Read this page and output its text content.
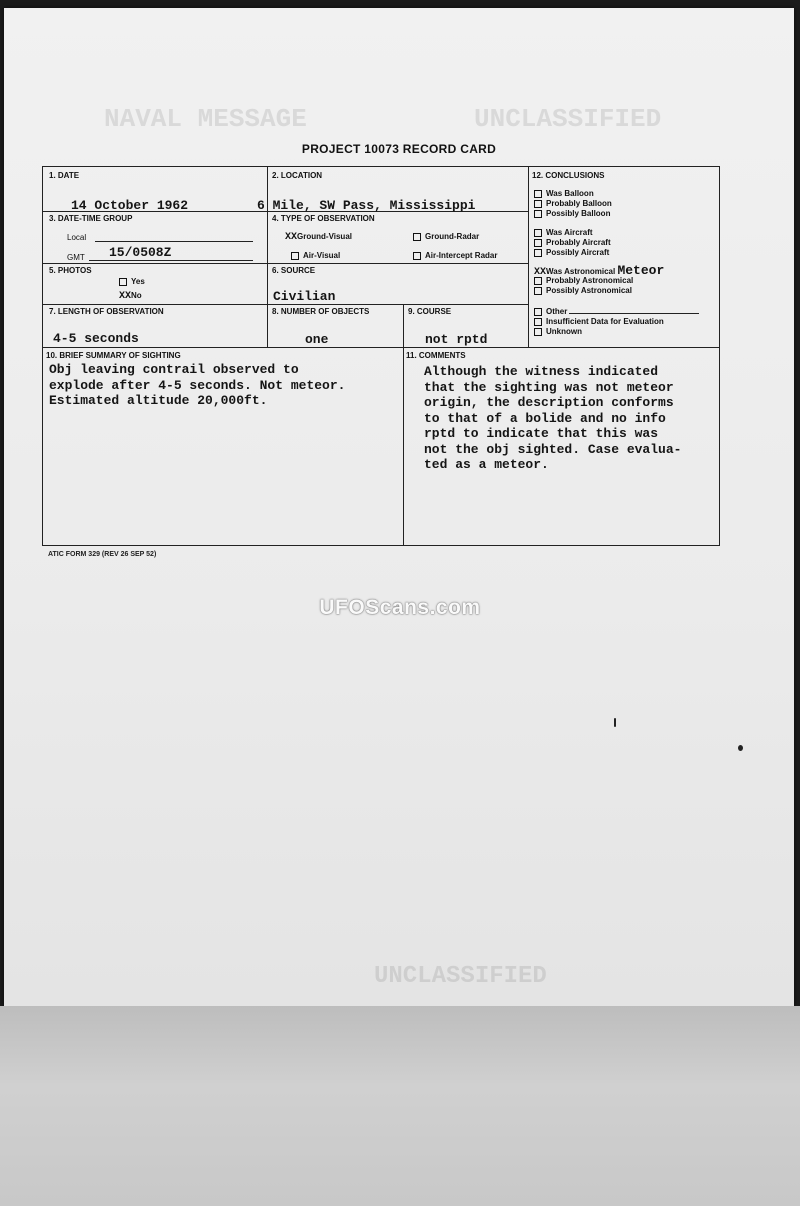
NAVAL MESSAGE	UNCLASSIFIED
UNCLASSIFIED
PROJECT 10073 RECORD CARD
1. DATE
14 October 1962
2. LOCATION
6 Mile, SW Pass, Mississippi
3. DATE-TIME GROUP
Local
GMT 15/0508Z
4. TYPE OF OBSERVATION
XXGround-Visual	Ground-Radar
Air-Visual	Air-Intercept Radar
5. PHOTOS
Yes
XXNo
6. SOURCE
Civilian
7. LENGTH OF OBSERVATION
4-5 seconds
8. NUMBER OF OBJECTS
one
9. COURSE
not rptd
10. BRIEF SUMMARY OF SIGHTING
Obj leaving contrail observed to
explode after 4-5 seconds. Not meteor.
Estimated altitude 20,000ft.
11. COMMENTS
Although the witness indicated
that the sighting was not meteor
origin, the description conforms
to that of a bolide and no info
rptd to indicate that this was
not the obj sighted. Case evalua-
ted as a meteor.
12. CONCLUSIONS
Was Balloon
Probably Balloon
Possibly Balloon
Was Aircraft
Probably Aircraft
Possibly Aircraft
XXWas Astronomical Meteor
Probably Astronomical
Possibly Astronomical
Other
Insufficient Data for Evaluation
Unknown
ATIC FORM 329 (REV 26 SEP 52)
UFOScans.com
